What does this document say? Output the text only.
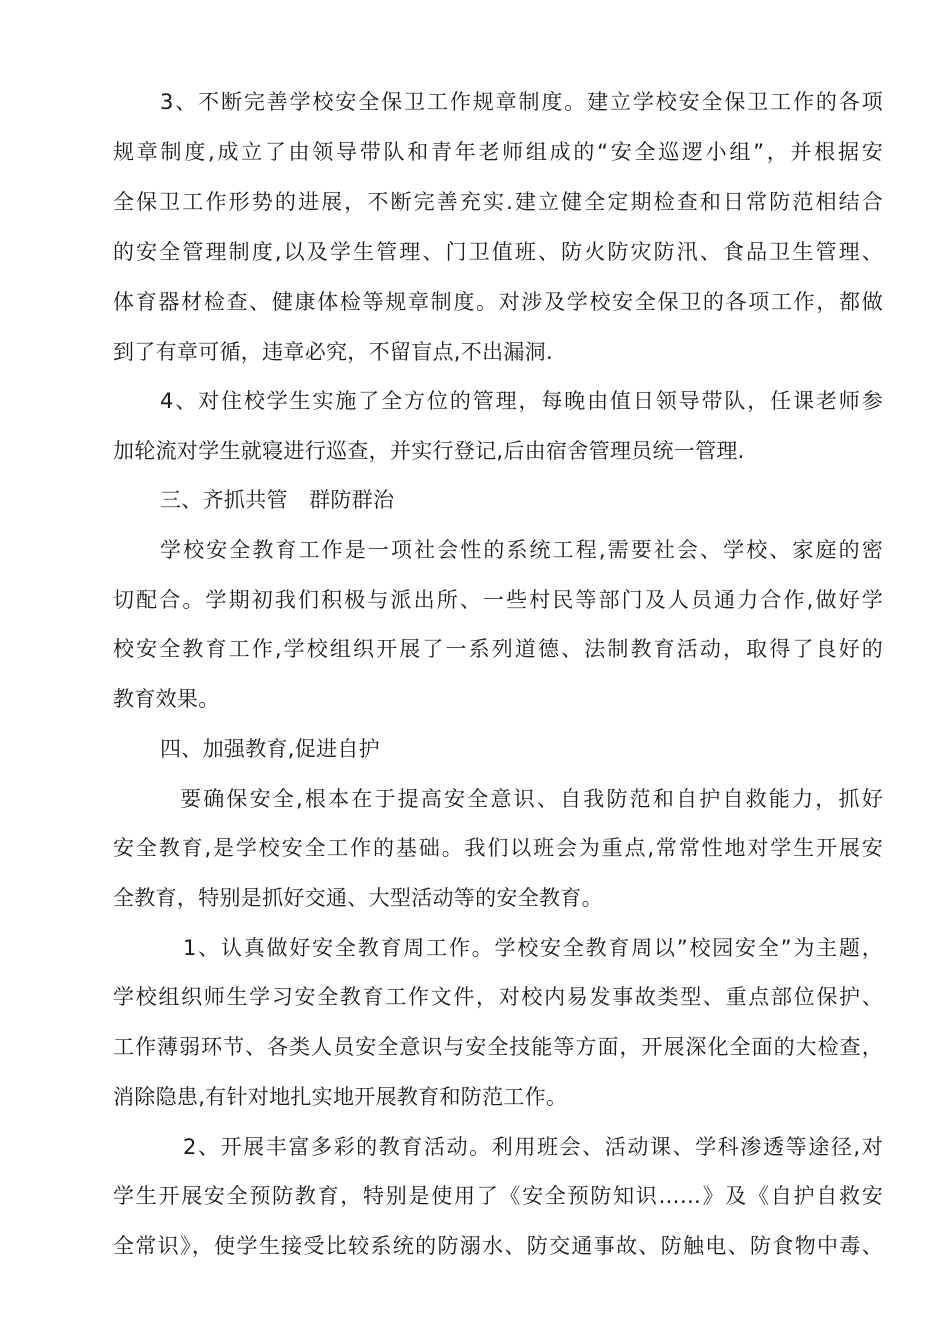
3、不断完善学校安全保卫工作规章制度。建立学校安全保卫工作的各项
规章制度,成立了由领导带队和青年老师组成的“安全巡逻小组”，并根据安
全保卫工作形势的进展，不断完善充实.建立健全定期检查和日常防范相结合
的安全管理制度,以及学生管理、门卫值班、防火防灾防汛、食品卫生管理、
体育器材检查、健康体检等规章制度。对涉及学校安全保卫的各项工作，都做
到了有章可循，违章必究，不留盲点,不出漏洞.
4、对住校学生实施了全方位的管理，每晚由值日领导带队，任课老师参
加轮流对学生就寝进行巡查，并实行登记,后由宿舍管理员统一管理.
三、齐抓共管　群防群治
学校安全教育工作是一项社会性的系统工程,需要社会、学校、家庭的密
切配合。学期初我们积极与派出所、一些村民等部门及人员通力合作,做好学
校安全教育工作,学校组织开展了一系列道德、法制教育活动，取得了良好的
教育效果。
四、加强教育,促进自护
要确保安全,根本在于提高安全意识、自我防范和自护自救能力，抓好
安全教育,是学校安全工作的基础。我们以班会为重点,常常性地对学生开展安
全教育，特别是抓好交通、大型活动等的安全教育。
1、认真做好安全教育周工作。学校安全教育周以”校园安全”为主题，
学校组织师生学习安全教育工作文件，对校内易发事故类型、重点部位保护、
工作薄弱环节、各类人员安全意识与安全技能等方面，开展深化全面的大检查，
消除隐患,有针对地扎实地开展教育和防范工作。
2、开展丰富多彩的教育活动。利用班会、活动课、学科渗透等途径,对
学生开展安全预防教育，特别是使用了《安全预防知识……》及《自护自救安
全常识》，使学生接受比较系统的防溺水、防交通事故、防触电、防食物中毒、
